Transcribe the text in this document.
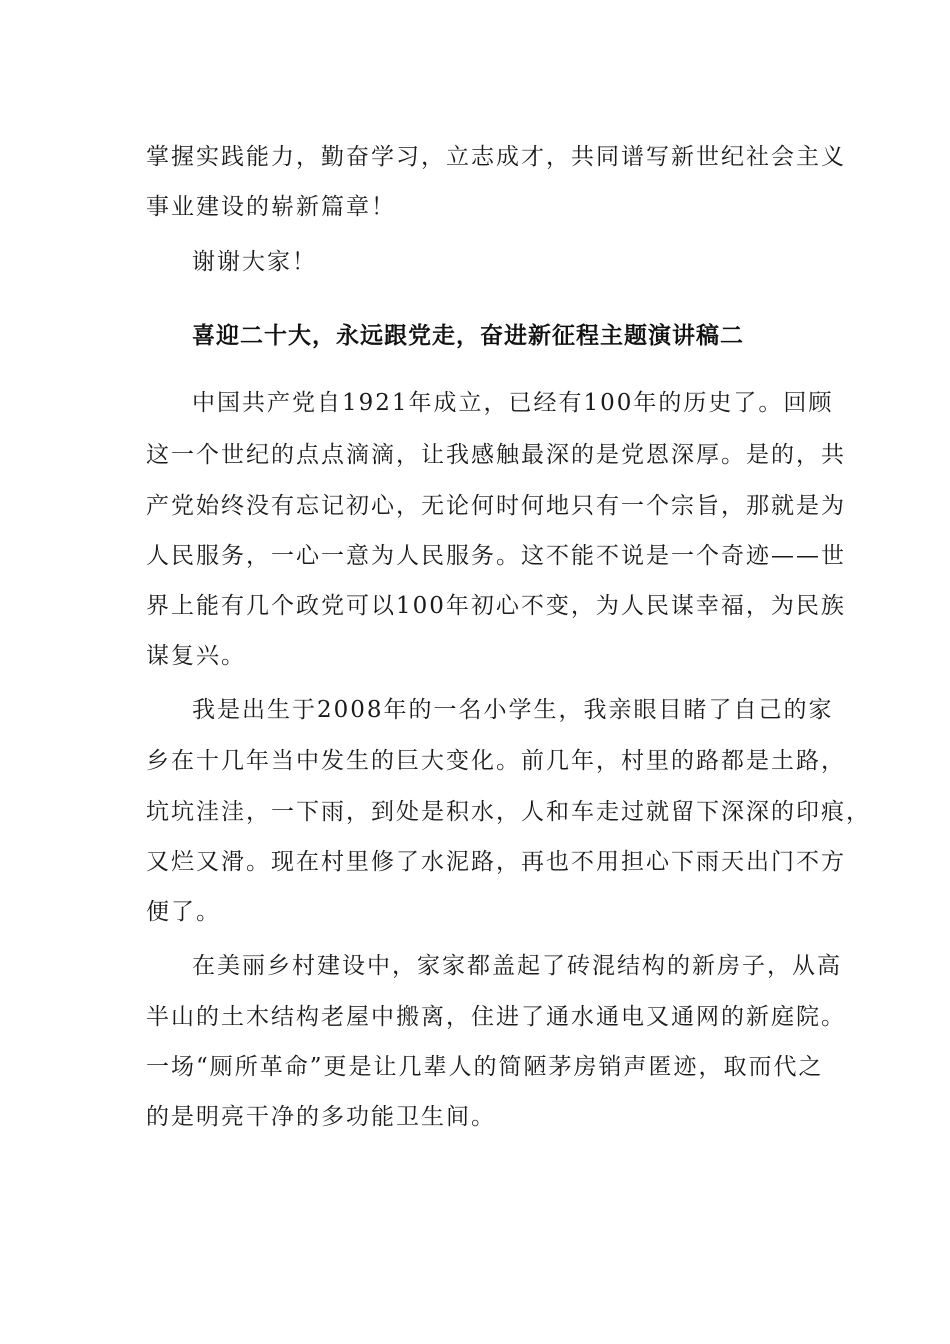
掌握实践能力，勤奋学习，立志成才，共同谱写新世纪社会主义

事业建设的崭新篇章！

谢谢大家！

喜迎二十大，永远跟党走，奋进新征程主题演讲稿二

中国共产党自1921年成立，已经有100年的历史了。回顾

这一个世纪的点点滴滴，让我感触最深的是党恩深厚。是的，共

产党始终没有忘记初心，无论何时何地只有一个宗旨，那就是为

人民服务，一心一意为人民服务。这不能不说是一个奇迹——世

界上能有几个政党可以100年初心不变，为人民谋幸福，为民族

谋复兴。

我是出生于2008年的一名小学生，我亲眼目睹了自己的家

乡在十几年当中发生的巨大变化。前几年，村里的路都是土路，

坑坑洼洼，一下雨，到处是积水，人和车走过就留下深深的印痕，

又烂又滑。现在村里修了水泥路，再也不用担心下雨天出门不方

便了。

在美丽乡村建设中，家家都盖起了砖混结构的新房子，从高

半山的土木结构老屋中搬离，住进了通水通电又通网的新庭院。

一场“厕所革命”更是让几辈人的简陋茅房销声匿迹，取而代之

的是明亮干净的多功能卫生间。
